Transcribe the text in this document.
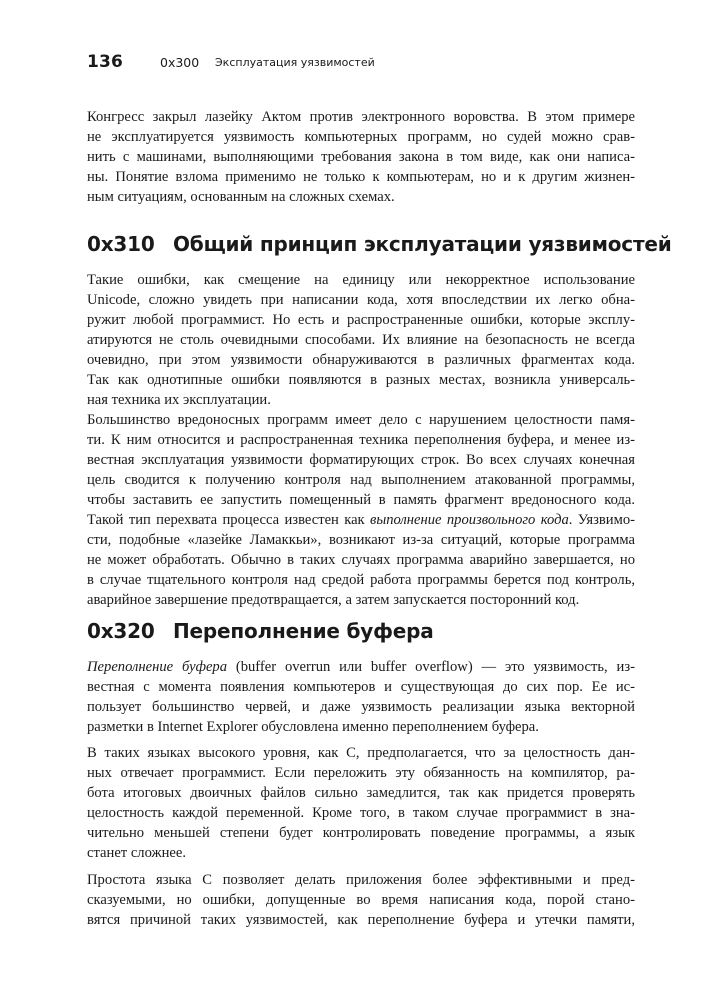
136	0x300 Эксплуатация уязвимостей
Конгресс закрыл лазейку Актом против электронного воровства. В этом примере
не эксплуатируется уязвимость компьютерных программ, но судей можно срав-
нить с машинами, выполняющими требования закона в том виде, как они написа-
ны. Понятие взлома применимо не только к компьютерам, но и к другим жизнен-
ным ситуациям, основанным на сложных схемах.
0x310 Общий принцип эксплуатации уязвимостей
Такие ошибки, как смещение на единицу или некорректное использование
Unicode, сложно увидеть при написании кода, хотя впоследствии их легко обна-
ружит любой программист. Но есть и распространенные ошибки, которые эксплу-
атируются не столь очевидными способами. Их влияние на безопасность не всегда
очевидно, при этом уязвимости обнаруживаются в различных фрагментах кода.
Так как однотипные ошибки появляются в разных местах, возникла универсаль-
ная техника их эксплуатации.
Большинство вредоносных программ имеет дело с нарушением целостности памя-
ти. К ним относится и распространенная техника переполнения буфера, и менее из-
вестная эксплуатация уязвимости форматирующих строк. Во всех случаях конечная
цель сводится к получению контроля над выполнением атакованной программы,
чтобы заставить ее запустить помещенный в память фрагмент вредоносного кода.
Такой тип перехвата процесса известен как выполнение произвольного кода. Уязвимо-
сти, подобные «лазейке Ламаккьи», возникают из-за ситуаций, которые программа
не может обработать. Обычно в таких случаях программа аварийно завершается, но
в случае тщательного контроля над средой работа программы берется под контроль,
аварийное завершение предотвращается, а затем запускается посторонний код.
0x320 Переполнение буфера
Переполнение буфера (buffer overrun или buffer overflow) — это уязвимость, из-
вестная с момента появления компьютеров и существующая до сих пор. Ее ис-
пользует большинство червей, и даже уязвимость реализации языка векторной
разметки в Internet Explorer обусловлена именно переполнением буфера.
В таких языках высокого уровня, как С, предполагается, что за целостность дан-
ных отвечает программист. Если переложить эту обязанность на компилятор, ра-
бота итоговых двоичных файлов сильно замедлится, так как придется проверять
целостность каждой переменной. Кроме того, в таком случае программист в зна-
чительно меньшей степени будет контролировать поведение программы, а язык
станет сложнее.
Простота языка С позволяет делать приложения более эффективными и пред-
сказуемыми, но ошибки, допущенные во время написания кода, порой стано-
вятся причиной таких уязвимостей, как переполнение буфера и утечки памяти,
